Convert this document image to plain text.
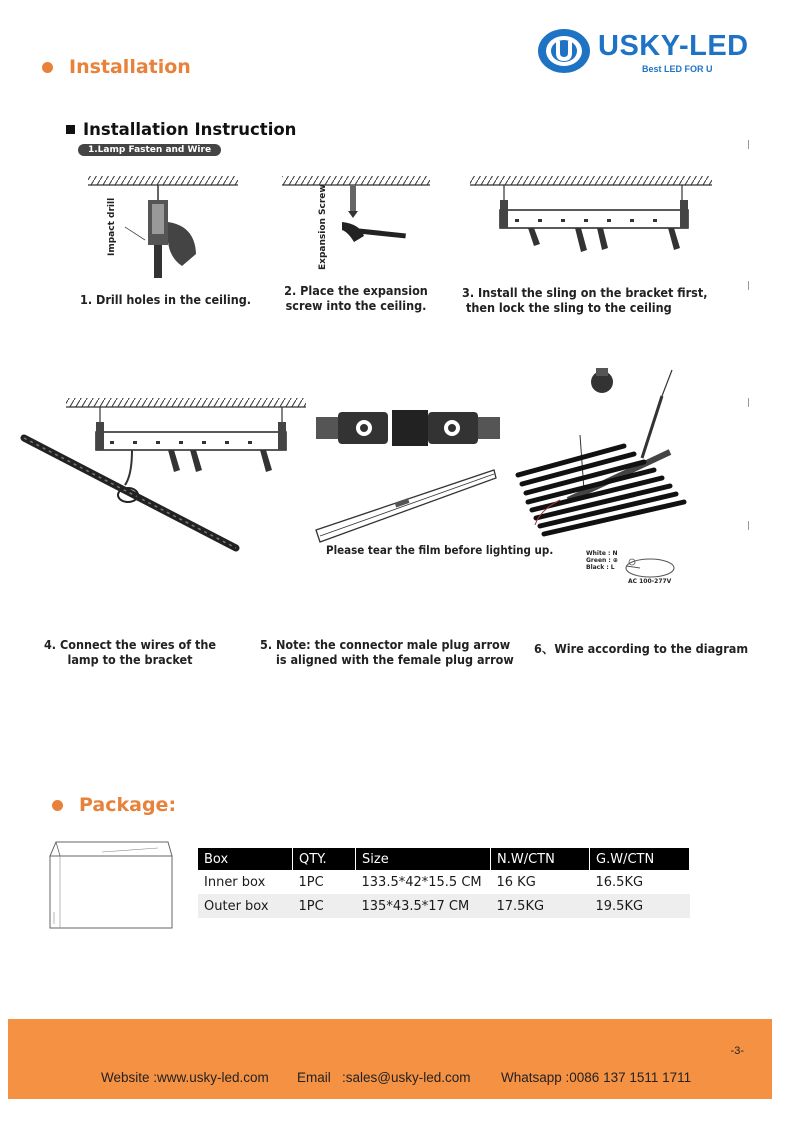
Installation
USKY-LED
Best LED FOR U
Installation Instruction
1.Lamp Fasten and Wire
Impact drill	Expansion Screw
1. Drill holes in the ceiling.
2. Place the expansion
screw into the ceiling.
3. Install the sling on the bracket first,
then lock the sling to the ceiling
Please tear the film before lighting up.	White : N
Green : ⊕
Black : L
AC 100-277V
4. Connect the wires of the
lamp to the bracket
5. Note: the connector male plug arrow
is aligned with the female plug arrow
6、Wire according to the diagram
Package:
Box	QTY.	Size	N.W/CTN	G.W/CTN
Inner box	1PC	133.5*42*15.5 CM	16 KG	16.5KG
Outer box	1PC	135*43.5*17 CM	17.5KG	19.5KG
-3-
Website :www.usky-led.com Email   :sales@usky-led.com Whatsapp :0086 137 1511 1711
